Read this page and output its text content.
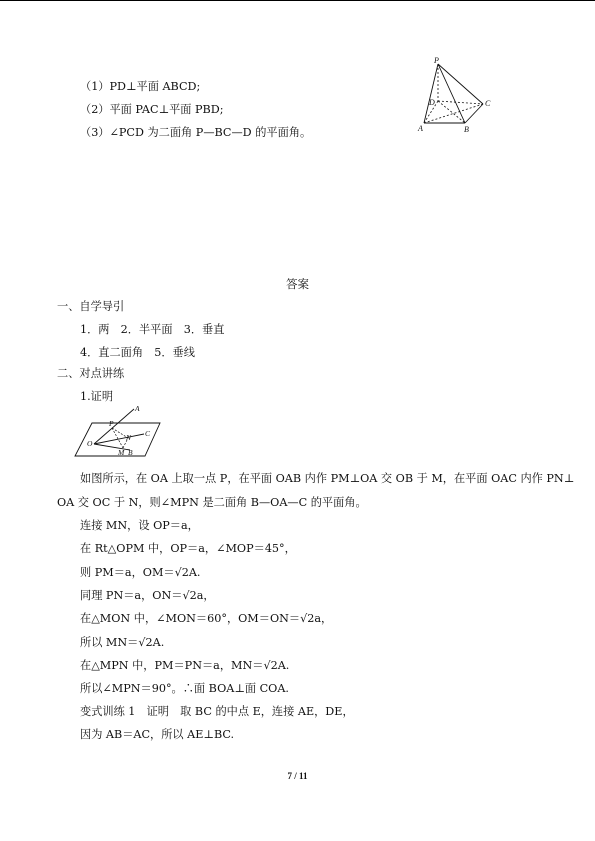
（1）PD⊥平面 ABCD;
（2）平面 PAC⊥平面 PBD;
（3）∠PCD 为二面角 P—BC—D 的平面角。
P
D	C
A	B
答案
一、自学导引
1．两　2．半平面　3．垂直
4．直二面角　5．垂线
二、对点讲练
1.证明
A
P
C
O
N
M B
如图所示，在 OA 上取一点 P，在平面 OAB 内作 PM⊥OA 交 OB 于 M，在平面 OAC 内作 PN⊥
OA 交 OC 于 N，则∠MPN 是二面角 B—OA—C 的平面角。
连接 MN，设 OP＝a，
在 Rt△OPM 中，OP＝a，∠MOP＝45°，
则 PM＝a，OM＝√2A.
同理 PN＝a，ON＝√2a，
在△MON 中，∠MON＝60°，OM＝ON＝√2a，
所以 MN＝√2A.
在△MPN 中，PM＝PN＝a，MN＝√2A.
所以∠MPN＝90°。∴面 BOA⊥面 COA.
变式训练 1　证明　取 BC 的中点 E，连接 AE，DE，
因为 AB＝AC，所以 AE⊥BC.
7 / 11
